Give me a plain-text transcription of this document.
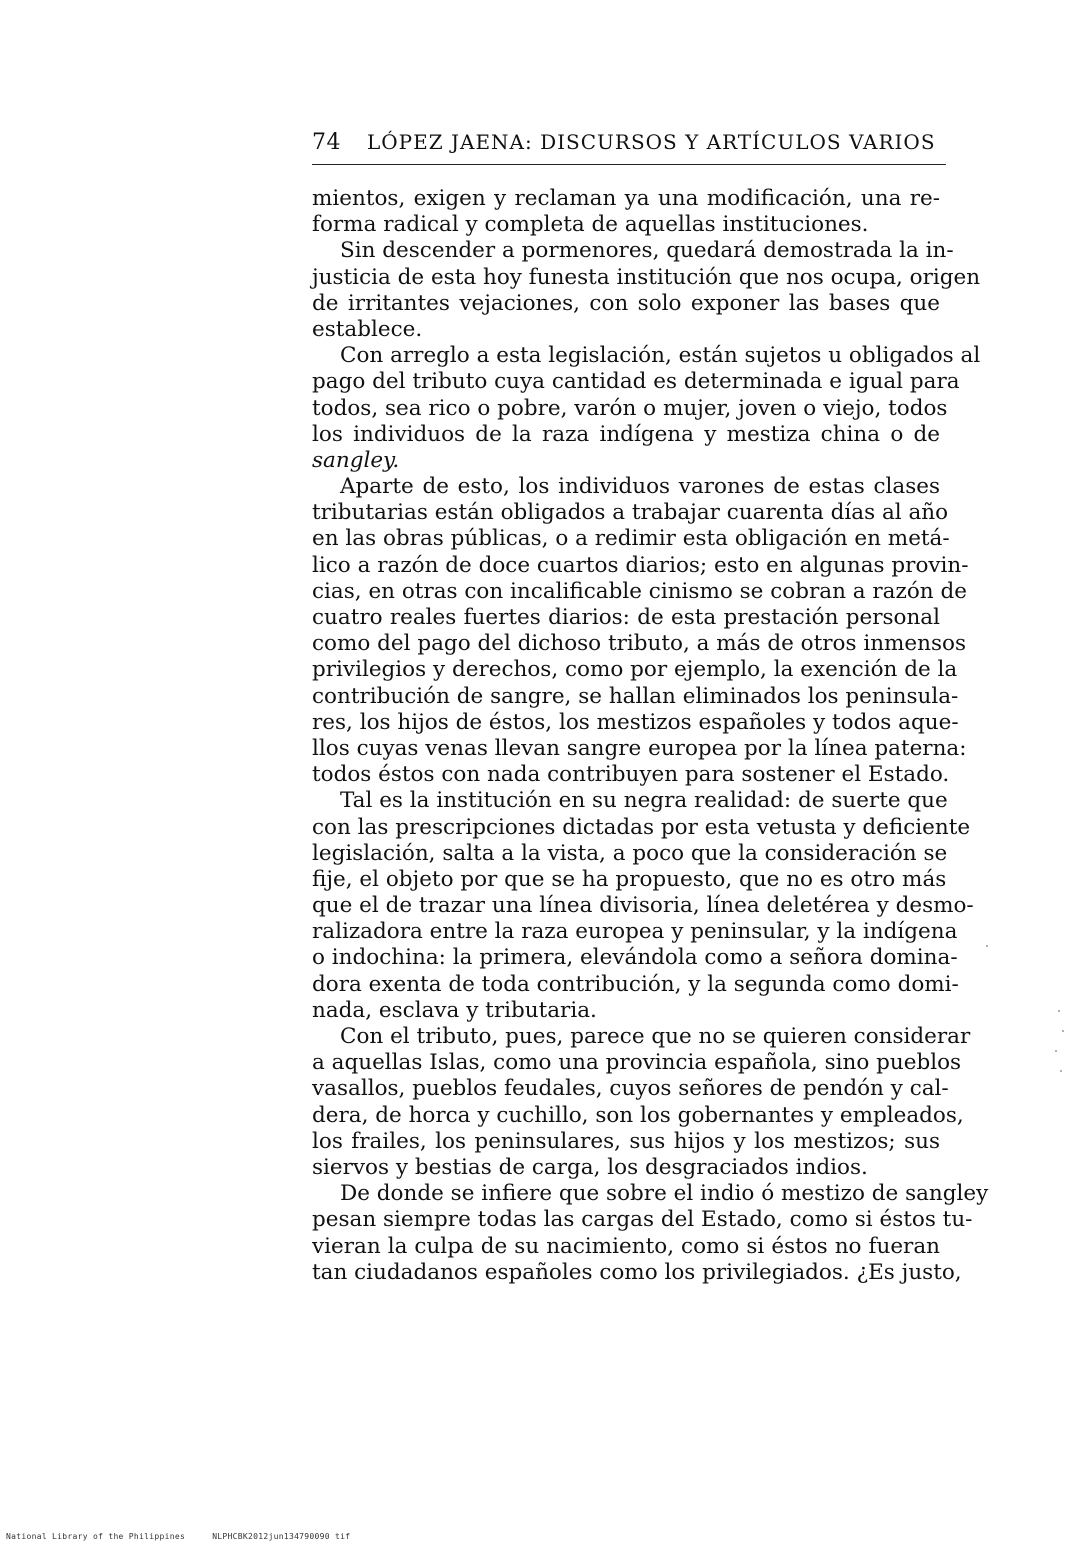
74 LÓPEZ JAENA: DISCURSOS Y ARTÍCULOS VARIOS
mientos, exigen y reclaman ya una modificación, una re-
forma radical y completa de aquellas instituciones.
Sin descender a pormenores, quedará demostrada la in-
justicia de esta hoy funesta institución que nos ocupa, origen
de irritantes vejaciones, con solo exponer las bases que
establece.
Con arreglo a esta legislación, están sujetos u obligados al
pago del tributo cuya cantidad es determinada e igual para
todos, sea rico o pobre, varón o mujer, joven o viejo, todos
los individuos de la raza indígena y mestiza china o de
sangley.
Aparte de esto, los individuos varones de estas clases
tributarias están obligados a trabajar cuarenta días al año
en las obras públicas, o a redimir esta obligación en metá-
lico a razón de doce cuartos diarios; esto en algunas provin-
cias, en otras con incalificable cinismo se cobran a razón de
cuatro reales fuertes diarios: de esta prestación personal
como del pago del dichoso tributo, a más de otros inmensos
privilegios y derechos, como por ejemplo, la exención de la
contribución de sangre, se hallan eliminados los peninsula-
res, los hijos de éstos, los mestizos españoles y todos aque-
llos cuyas venas llevan sangre europea por la línea paterna:
todos éstos con nada contribuyen para sostener el Estado.
Tal es la institución en su negra realidad: de suerte que
con las prescripciones dictadas por esta vetusta y deficiente
legislación, salta a la vista, a poco que la consideración se
fije, el objeto por que se ha propuesto, que no es otro más
que el de trazar una línea divisoria, línea deletérea y desmo-
ralizadora entre la raza europea y peninsular, y la indígena
o indochina: la primera, elevándola como a señora domina-
dora exenta de toda contribución, y la segunda como domi-
nada, esclava y tributaria.
Con el tributo, pues, parece que no se quieren considerar
a aquellas Islas, como una provincia española, sino pueblos
vasallos, pueblos feudales, cuyos señores de pendón y cal-
dera, de horca y cuchillo, son los gobernantes y empleados,
los frailes, los peninsulares, sus hijos y los mestizos; sus
siervos y bestias de carga, los desgraciados indios.
De donde se infiere que sobre el indio ó mestizo de sangley
pesan siempre todas las cargas del Estado, como si éstos tu-
vieran la culpa de su nacimiento, como si éstos no fueran
tan ciudadanos españoles como los privilegiados. ¿Es justo,
National Library of the Philippines	NLPHCBK2012jun134790090 tif
